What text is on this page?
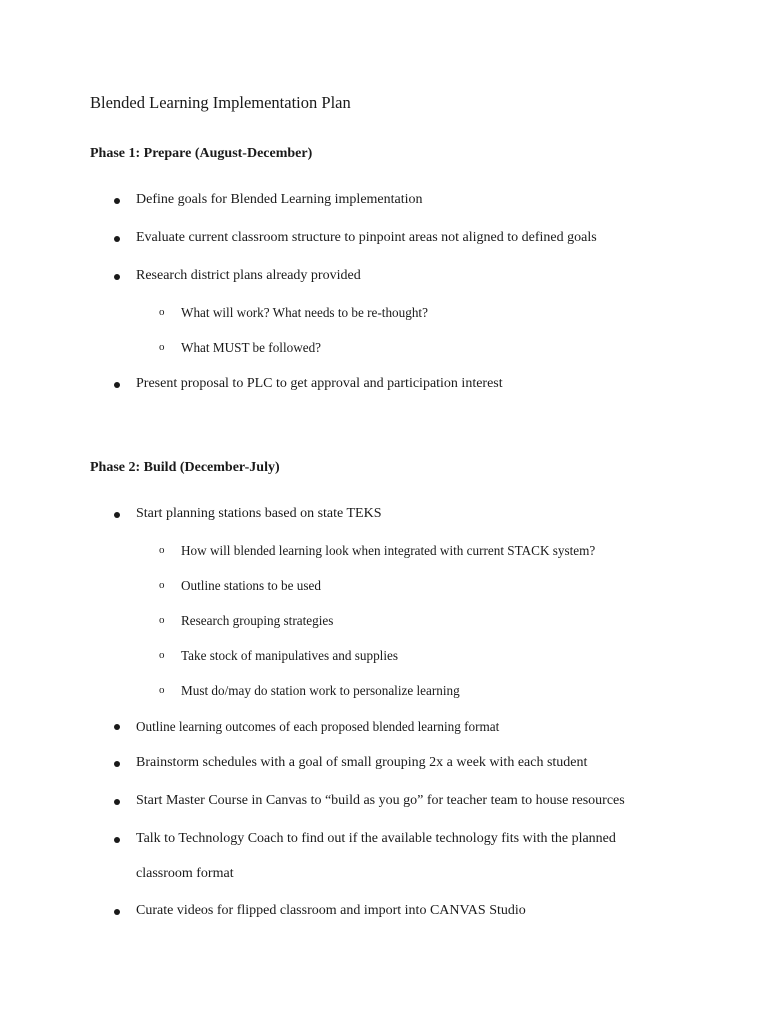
Blended Learning Implementation Plan
Phase 1: Prepare (August-December)
Define goals for Blended Learning implementation
Evaluate current classroom structure to pinpoint areas not aligned to defined goals
Research district plans already provided
o What will work? What needs to be re-thought?
o What MUST be followed?
Present proposal to PLC to get approval and participation interest
Phase 2: Build (December-July)
Start planning stations based on state TEKS
o How will blended learning look when integrated with current STACK system?
o Outline stations to be used
o Research grouping strategies
o Take stock of manipulatives and supplies
o Must do/may do station work to personalize learning
Outline learning outcomes of each proposed blended learning format
Brainstorm schedules with a goal of small grouping 2x a week with each student
Start Master Course in Canvas to “build as you go” for teacher team to house resources
Talk to Technology Coach to find out if the available technology fits with the planned
classroom format
Curate videos for flipped classroom and import into CANVAS Studio
